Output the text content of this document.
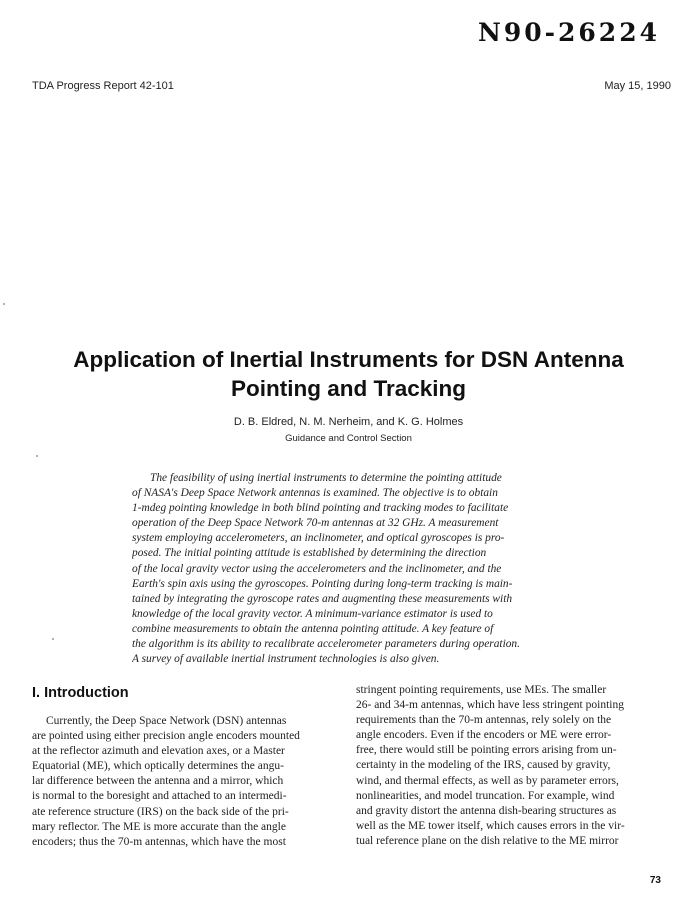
N90-26224
TDA Progress Report 42-101	May 15, 1990
Application of Inertial Instruments for DSN Antenna
Pointing and Tracking
D. B. Eldred, N. M. Nerheim, and K. G. Holmes
Guidance and Control Section
The feasibility of using inertial instruments to determine the pointing attitude
of NASA's Deep Space Network antennas is examined. The objective is to obtain
1-mdeg pointing knowledge in both blind pointing and tracking modes to facilitate
operation of the Deep Space Network 70-m antennas at 32 GHz. A measurement
system employing accelerometers, an inclinometer, and optical gyroscopes is pro-
posed. The initial pointing attitude is established by determining the direction
of the local gravity vector using the accelerometers and the inclinometer, and the
Earth's spin axis using the gyroscopes. Pointing during long-term tracking is main-
tained by integrating the gyroscope rates and augmenting these measurements with
knowledge of the local gravity vector. A minimum-variance estimator is used to
combine measurements to obtain the antenna pointing attitude. A key feature of
the algorithm is its ability to recalibrate accelerometer parameters during operation.
A survey of available inertial instrument technologies is also given.
I. Introduction
Currently, the Deep Space Network (DSN) antennas
are pointed using either precision angle encoders mounted
at the reflector azimuth and elevation axes, or a Master
Equatorial (ME), which optically determines the angu-
lar difference between the antenna and a mirror, which
is normal to the boresight and attached to an intermedi-
ate reference structure (IRS) on the back side of the pri-
mary reflector. The ME is more accurate than the angle
encoders; thus the 70-m antennas, which have the most
stringent pointing requirements, use MEs. The smaller
26- and 34-m antennas, which have less stringent pointing
requirements than the 70-m antennas, rely solely on the
angle encoders. Even if the encoders or ME were error-
free, there would still be pointing errors arising from un-
certainty in the modeling of the IRS, caused by gravity,
wind, and thermal effects, as well as by parameter errors,
nonlinearities, and model truncation. For example, wind
and gravity distort the antenna dish-bearing structures as
well as the ME tower itself, which causes errors in the vir-
tual reference plane on the dish relative to the ME mirror
73
